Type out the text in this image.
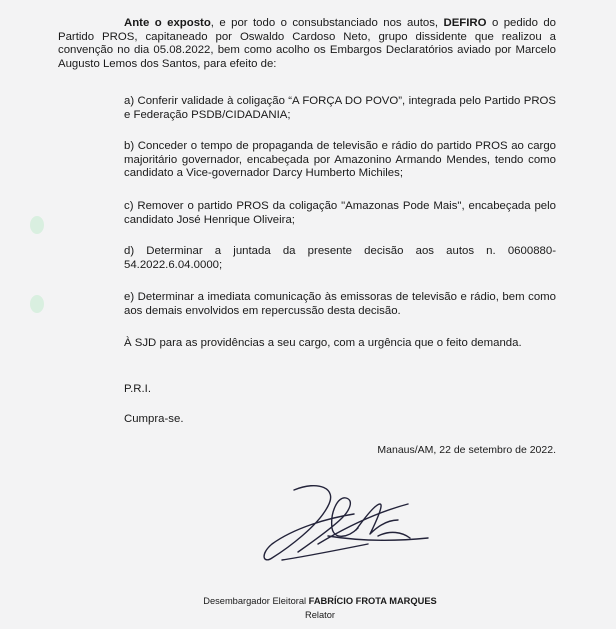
Ante o exposto, e por todo o consubstanciado nos autos, DEFIRO o pedido do Partido PROS, capitaneado por Oswaldo Cardoso Neto, grupo dissidente que realizou a convenção no dia 05.08.2022, bem como acolho os Embargos Declaratórios aviado por Marcelo Augusto Lemos dos Santos, para efeito de:

a) Conferir validade à coligação “A FORÇA DO POVO”, integrada pelo Partido PROS e Federação PSDB/CIDADANIA;

b) Conceder o tempo de propaganda de televisão e rádio do partido PROS ao cargo majoritário governador, encabeçada por Amazonino Armando Mendes, tendo como candidato a Vice-governador Darcy Humberto Michiles;

c) Remover o partido PROS da coligação "Amazonas Pode Mais", encabeçada pelo candidato José Henrique Oliveira;

d) Determinar a juntada da presente decisão aos autos n. 0600880-54.2022.6.04.0000;

e) Determinar a imediata comunicação às emissoras de televisão e rádio, bem como aos demais envolvidos em repercussão desta decisão.

À SJD para as providências a seu cargo, com a urgência que o feito demanda.

P.R.I.

Cumpra-se.

Manaus/AM, 22 de setembro de 2022.
Desembargador Eleitoral FABRÍCIO FROTA MARQUES
Relator
